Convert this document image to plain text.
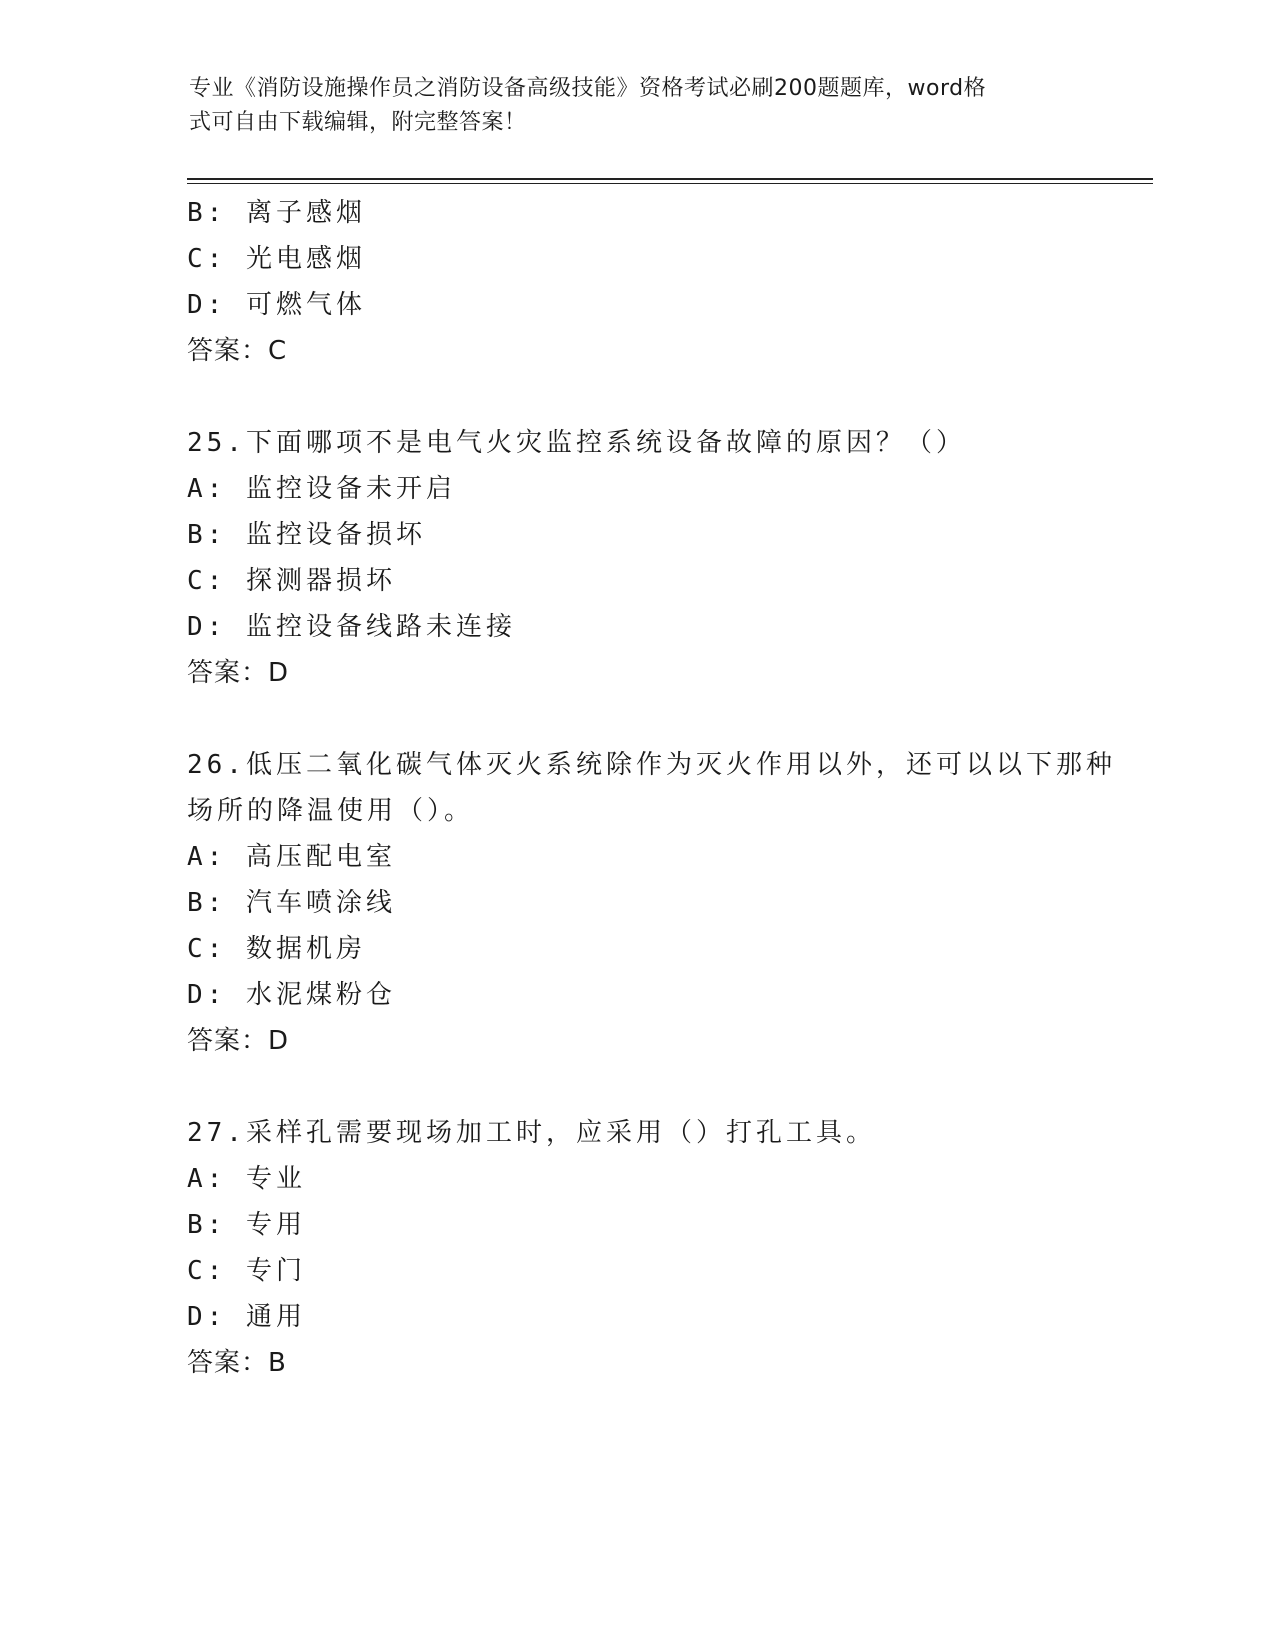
专业《消防设施操作员之消防设备高级技能》资格考试必刷200题题库，word格
式可自由下载编辑，附完整答案！
B: 离子感烟
C: 光电感烟
D: 可燃气体
答案：C
25.下面哪项不是电气火灾监控系统设备故障的原因？（）
A: 监控设备未开启
B: 监控设备损坏
C: 探测器损坏
D: 监控设备线路未连接
答案：D
26.低压二氧化碳气体灭火系统除作为灭火作用以外，还可以以下那种
场所的降温使用（）。
A: 高压配电室
B: 汽车喷涂线
C: 数据机房
D: 水泥煤粉仓
答案：D
27.采样孔需要现场加工时，应采用（）打孔工具。
A: 专业
B: 专用
C: 专门
D: 通用
答案：B
